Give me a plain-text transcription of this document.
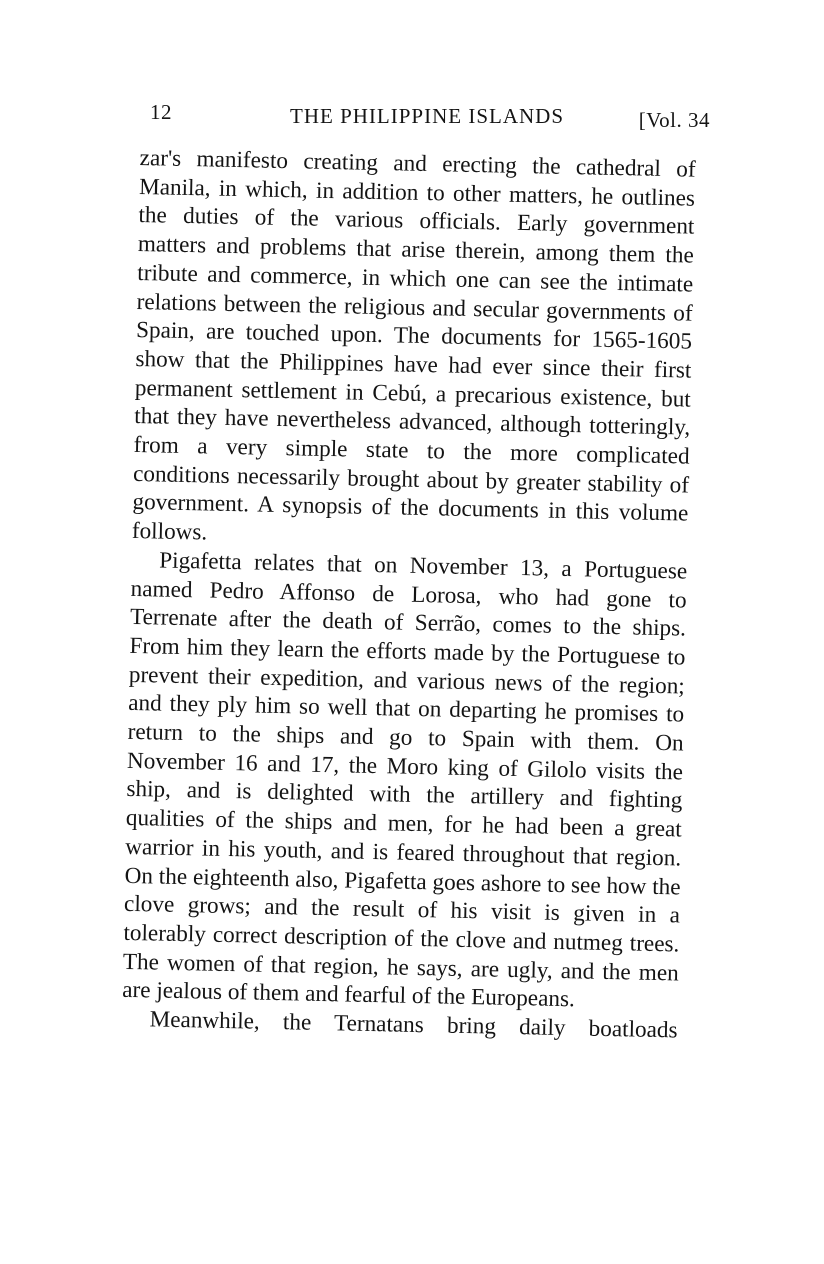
12	THE PHILIPPINE ISLANDS	[Vol. 34

zar's manifesto creating and erecting the cathedral of Manila, in which, in addition to other matters, he outlines the duties of the various officials. Early government matters and problems that arise therein, among them the tribute and commerce, in which one can see the intimate relations between the religious and secular governments of Spain, are touched upon. The documents for 1565-1605 show that the Philippines have had ever since their first permanent settlement in Cebú, a precarious existence, but that they have nevertheless advanced, although totteringly, from a very simple state to the more complicated conditions necessarily brought about by greater stability of government. A synopsis of the documents in this volume follows.

Pigafetta relates that on November 13, a Portuguese named Pedro Affonso de Lorosa, who had gone to Terrenate after the death of Serrão, comes to the ships. From him they learn the efforts made by the Portuguese to prevent their expedition, and various news of the region; and they ply him so well that on departing he promises to return to the ships and go to Spain with them. On November 16 and 17, the Moro king of Gilolo visits the ship, and is delighted with the artillery and fighting qualities of the ships and men, for he had been a great warrior in his youth, and is feared throughout that region. On the eighteenth also, Pigafetta goes ashore to see how the clove grows; and the result of his visit is given in a tolerably correct description of the clove and nutmeg trees. The women of that region, he says, are ugly, and the men are jealous of them and fearful of the Europeans.

Meanwhile, the Ternatans bring daily boatloads
